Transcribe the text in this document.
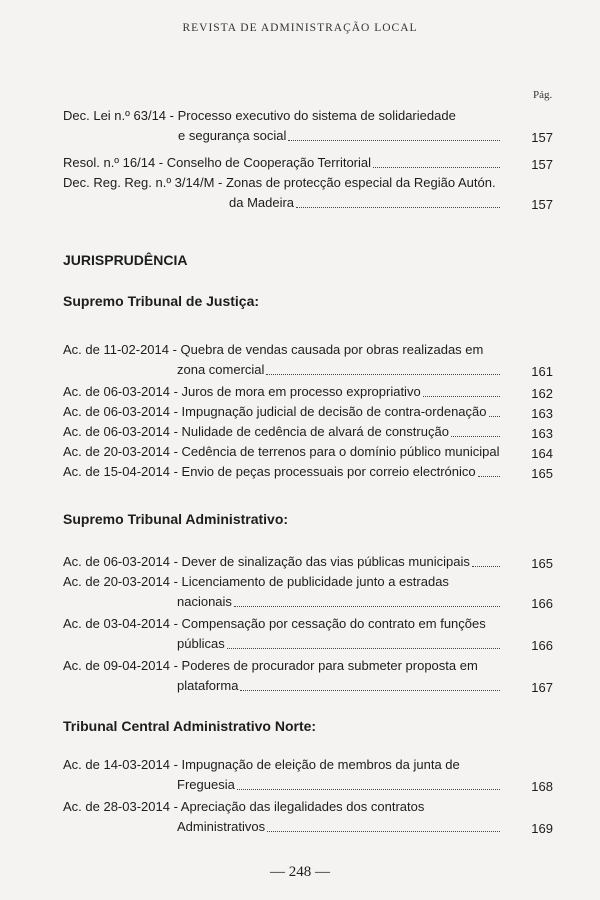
REVISTA DE ADMINISTRAÇÃO LOCAL
Pág.
Dec. Lei n.º 63/14 - Processo executivo do sistema de solidariedade
e segurança social	157
Resol. n.º 16/14 - Conselho de Cooperação Territorial	157
Dec. Reg. Reg. n.º 3/14/M - Zonas de protecção especial da Região Autón.
da Madeira	157
JURISPRUDÊNCIA
Supremo Tribunal de Justiça:
Ac. de 11-02-2014 - Quebra de vendas causada por obras realizadas em
zona comercial	161
Ac. de 06-03-2014 - Juros de mora em processo expropriativo	162
Ac. de 06-03-2014 - Impugnação judicial de decisão de contra-ordenação	163
Ac. de 06-03-2014 - Nulidade de cedência de alvará de construção	163
Ac. de 20-03-2014 - Cedência de terrenos para o domínio público municipal	164
Ac. de 15-04-2014 - Envio de peças processuais por correio electrónico	165
Supremo Tribunal Administrativo:
Ac. de 06-03-2014 - Dever de sinalização das vias públicas municipais	165
Ac. de 20-03-2014 - Licenciamento de publicidade junto a estradas
nacionais	166
Ac. de 03-04-2014 - Compensação por cessação do contrato em funções
públicas	166
Ac. de 09-04-2014 - Poderes de procurador para submeter proposta em
plataforma	167
Tribunal Central Administrativo Norte:
Ac. de 14-03-2014 - Impugnação de eleição de membros da junta de
Freguesia	168
Ac. de 28-03-2014 - Apreciação das ilegalidades dos contratos
Administrativos	169
— 248 —
